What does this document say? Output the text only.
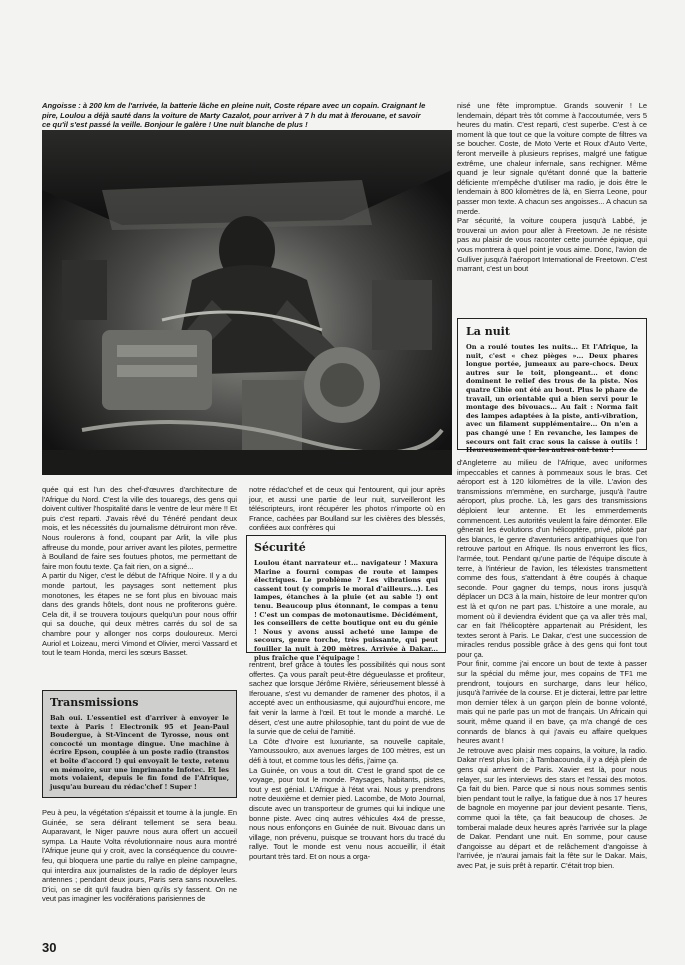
Angoisse : à 200 km de l'arrivée, la batterie lâche en pleine nuit, Coste répare avec un copain. Craignant le pire, Loulou a déjà sauté dans la voiture de Marty Cazalot, pour arriver à 7 h du mat à Iferouane, et savoir ce qu'il s'est passé la veille. Bonjour le galère ! Une nuit blanche de plus !

nisé une fête impromptue. Grands souvenir ! Le lendemain, départ très tôt comme à l'accoutumée, vers 5 heures du matin. C'est reparti, c'est superbe. C'est à ce moment là que tout ce que la voiture compte de filtres va se boucher. Coste, de Moto Verte et Roux d'Auto Verte, feront merveille à plusieurs reprises, malgré une fatigue extrême, une chaleur infernale, sans rechigner. Même quand je leur signale qu'étant donné que la batterie déficiente m'empêche d'utiliser ma radio, je dois être le lendemain à 800 kilomètres de là, en Sierra Leone, pour passer mon texte. A chacun ses angoisses... A chacun sa merde.

Par sécurité, la voiture coupera jusqu'à Labbé, je trouverai un avion pour aller à Freetown. Je ne résiste pas au plaisir de vous raconter cette journée épique, qui vous montrera à quel point je vous aime. Donc, l'avion de Gulliver jusqu'à l'aéroport International de Freetown. C'est marrant, c'est un bout

La nuit

On a roulé toutes les nuits... Et l'Afrique, la nuit, c'est « chez pièges »... Deux phares longue portée, jumeaux au pare-chocs. Deux autres sur le toit, plongeant... et donc dominent le relief des trous de la piste. Nos quatre Cibie ont été au bout. Plus le phare de travail, un orientable qui a bien servi pour le montage des bivouacs... Au fait : Norma fait des lampes adaptées à la piste, anti-vibration, avec un filament supplémentaire... On n'en a pas changé une ! En revanche, les lampes de secours ont fait crac sous la caisse à outils ! Heureusement que les autres ont tenu !

quée qui est l'un des chef-d'œuvres d'architecture de l'Afrique du Nord. C'est la ville des touaregs, des gens qui doivent cultiver l'hospitalité dans le ventre de leur mère !! Et puis c'est reparti. J'avais rêvé du Ténéré pendant deux mois, et les nécessités du journalisme détruiront mon rêve. Nous roulerons à fond, coupant par Arlit, la ville plus affreuse du monde, pour arriver avant les pilotes, permettre à Boulland de faire ses foutues photos, me permettant de faire mon foutu texte. Ça fait rien, on a signé...

A partir du Niger, c'est le début de l'Afrique Noire. Il y a du monde partout, les paysages sont nettement plus monotones, les étapes ne se font plus en bivouac mais dans des grands hôtels, dont nous ne profiterons guère. Cela dit, il se trouvera toujours quelqu'un pour nous offrir qui sa douche, qui deux mètres carrés du sol de sa chambre pour y allonger nos corps douloureux. Merci Auriol et Loizeau, merci Vimond et Olivier, merci Vassard et tout le team Honda, merci les sœurs Basset.

notre rédac'chef et de ceux qui l'entourent, qui jour après jour, et aussi une partie de leur nuit, surveilleront les téléscripteurs, iront récupérer les photos n'importe où en France, cachées par Boulland sur les civières des blessés, confiées aux confrères qui

Sécurité

Loulou étant narrateur et... navigateur ! Maxura Marine a fourni compas de route et lampes électriques. Le problème ? Les vibrations qui cassent tout (y compris le moral d'ailleurs...). Les lampes, étanches à la pluie (et au sable !) ont tenu. Beaucoup plus étonnant, le compas a tenu ! C'est un compas de motonautisme. Décidément, les conseillers de cette boutique ont eu du génie ! Nous y avons aussi acheté une lampe de secours, genre torche, très puissante, qui peut fouiller la nuit à 200 mètres. Arrivée à Dakar... plus fraîche que l'équipage !

Transmissions

Bah oui. L'essentiel est d'arriver à envoyer le texte à Paris ! Electronik 95 et Jean-Paul Boudergue, à St-Vincent de Tyrosse, nous ont concocté un montage dingue. Une machine à écrire Epson, couplée à un poste radio (transtos et boîte d'accord !) qui envoyait le texte, retenu en mémoire, sur une imprimante Infotec. Et les mots volaient, depuis le fin fond de l'Afrique, jusqu'au bureau du rédac'chef ! Super !

Peu à peu, la végétation s'épaissit et tourne à la jungle. En Guinée, se sera délirant tellement se sera beau. Auparavant, le Niger pauvre nous aura offert un accueil sympa. La Haute Volta révolutionnaire nous aura montré l'Afrique jeune qui y croit, avec la conséquence du couvre-feu, qui bloquera une partie du rallye en pleine campagne, qui interdira aux journalistes de la radio de déployer leurs antennes ; pendant deux jours, Paris sera sans nouvelles. D'ici, on se dit qu'il faudra bien qu'ils s'y fassent. On ne veut pas imaginer les vociférations parisiennes de

rentrent, bref grâce à toutes les possibilités qui nous sont offertes. Ça vous paraît peut-être dégueulasse et profiteur, sachez que lorsque Jérôme Rivière, sérieusement blessé à Iferouane, s'est vu demander de ramener des photos, il a accepté avec un enthousiasme, qui aujourd'hui encore, me fait venir la larme à l'œil. Et tout le monde a marché. Le désert, c'est une autre philosophie, tant du point de vue de la survie que de celui de l'amitié.

La Côte d'Ivoire est luxuriante, sa nouvelle capitale, Yamoussoukro, aux avenues larges de 100 mètres, est un défi à tout, et comme tous les défis, j'aime ça.

La Guinée, on vous a tout dit. C'est le grand spot de ce voyage, pour tout le monde. Paysages, habitants, pistes, tout y est génial. L'Afrique à l'état vrai. Nous y prendrons notre deuxième et dernier pied. Lacombe, de Moto Journal, discute avec un transporteur de grumes qui lui indique une bonne piste. Avec cinq autres véhicules 4x4 de presse, nous nous enfonçons en Guinée de nuit. Bivouac dans un village, non prévenu, puisque se trouvant hors du tracé du rallye. Tout le monde est venu nous accueillir, il était pourtant très tard. Et on nous a orga-

d'Angleterre au milieu de l'Afrique, avec uniformes impeccables et cannes à pommeaux sous le bras. Cet aéroport est à 120 kilomètres de la ville. L'avion des transmissions m'emmène, en surcharge, jusqu'à l'autre aéroport, plus proche. Là, les gars des transmissions déploient leur antenne. Et les emmerdements commencent. Les autorités veulent la faire démonter. Elle gênerait les évolutions d'un hélicoptère, privé, piloté par des blancs, le genre d'aventuriers antipathiques que l'on retrouve partout en Afrique. Ils nous enverront les flics, l'armée, tout. Pendant qu'une partie de l'équipe discute à terre, à l'intérieur de l'avion, les télexistes transmettent comme des fous, s'attendant à être coupés à chaque seconde. Pour gagner du temps, nous irons jusqu'à déplacer un DC3 à la main, histoire de leur montrer qu'on est là et qu'on ne part pas. L'histoire a une morale, au moment où il deviendra évident que ça va aller très mal, car en fait l'hélicoptère appartenait au Président, les textes seront à Paris. Le Dakar, c'est une succession de miracles rendus possible grâce à des gens qui font tout pour ça.

Pour finir, comme j'ai encore un bout de texte à passer sur la spécial du même jour, mes copains de TF1 me prendront, toujours en surcharge, dans leur hélico, jusqu'à l'arrivée de la course. Et je dicterai, lettre par lettre mon dernier télex à un garçon plein de bonne volonté, mais qui ne parle pas un mot de français. Un Africain qui sourit, même quand il en bave, ça m'a changé de ces connards de blancs à qui j'avais eu affaire quelques heures avant !

Je retrouve avec plaisir mes copains, la voiture, la radio. Dakar n'est plus loin ; à Tambacounda, il y a déjà plein de gens qui arrivent de Paris. Xavier est là, pour nous relayer, sur les interviews des stars et l'essai des motos. Ça fait du bien. Parce que si nous nous sommes sentis bien pendant tout le rallye, la fatigue due à nos 17 heures de bagnole en moyenne par jour devient pesante. Tiens, comme quoi la tête, ça fait beaucoup de choses. Je tomberai malade deux heures après l'arrivée sur la plage de Dakar. Pendant une nuit. En somme, pour cause d'angoisse au départ et de relâchement d'angoisse à l'arrivée, je n'aurai jamais fait la fête sur le Dakar. Mais, avec Pat, je suis prêt à repartir. C'était trop bien.

30
